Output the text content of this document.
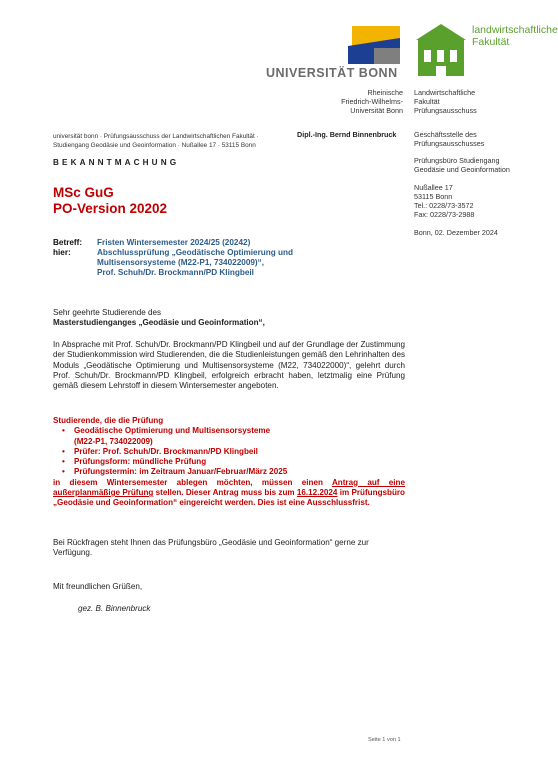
UNIVERSITÄT BONN
landwirtschaftliche
Fakultät
Rheinische
Friedrich-Wilhelms-
Universität Bonn
Landwirtschaftliche
Fakultät
Prüfungsausschuss
Geschäftsstelle des
Prüfungsausschusses
Prüfungsbüro Studiengang
Geodäsie und Geoinformation
Nußallee 17
53115 Bonn
Tel.: 0228/73-3572
Fax: 0228/73-2988
Bonn, 02. Dezember 2024
universität bonn · Prüfungsausschuss der Landwirtschaftlichen Fakultät ·
Studiengang Geodäsie und Geoinformation · Nußallee 17 · 53115 Bonn
Dipl.-Ing. Bernd Binnenbruck
BEKANNTMACHUNG
MSc GuG
PO-Version 20202
Betreff:
hier:
Fristen Wintersemester 2024/25 (20242)
Abschlussprüfung „Geodätische Optimierung und
Multisensorsysteme (M22-P1, 734022009)“,
Prof. Schuh/Dr. Brockmann/PD Klingbeil
Sehr geehrte Studierende des
Masterstudienganges „Geodäsie und Geoinformation“,
In Absprache mit Prof. Schuh/Dr. Brockmann/PD Klingbeil und auf der Grundlage der Zustimmung der Studienkommission wird Studierenden, die die Studienleistungen gemäß den Lehrinhalten des Moduls „Geodätische Optimierung und Multisensorsysteme (M22, 734022000)“, gelehrt durch Prof. Schuh/Dr. Brockmann/PD Klingbeil, erfolgreich erbracht haben, letztmalig eine Prüfung gemäß diesem Lehrstoff in diesem Wintersemester angeboten.
Studierende, die die Prüfung
• Geodätische Optimierung und Multisensorsysteme
(M22-P1, 734022009)
• Prüfer: Prof. Schuh/Dr. Brockmann/PD Klingbeil
• Prüfungsform: mündliche Prüfung
• Prüfungstermin: im Zeitraum Januar/Februar/März 2025
in diesem Wintersemester ablegen möchten, müssen einen Antrag auf eine außerplanmäßige Prüfung stellen. Dieser Antrag muss bis zum 16.12.2024 im Prüfungsbüro „Geodäsie und Geoinformation“ eingereicht werden. Dies ist eine Ausschlussfrist.
Bei Rückfragen steht Ihnen das Prüfungsbüro „Geodäsie und Geoinformation“ gerne zur Verfügung.
Mit freundlichen Grüßen,
gez. B. Binnenbruck
Seite 1 von 1
